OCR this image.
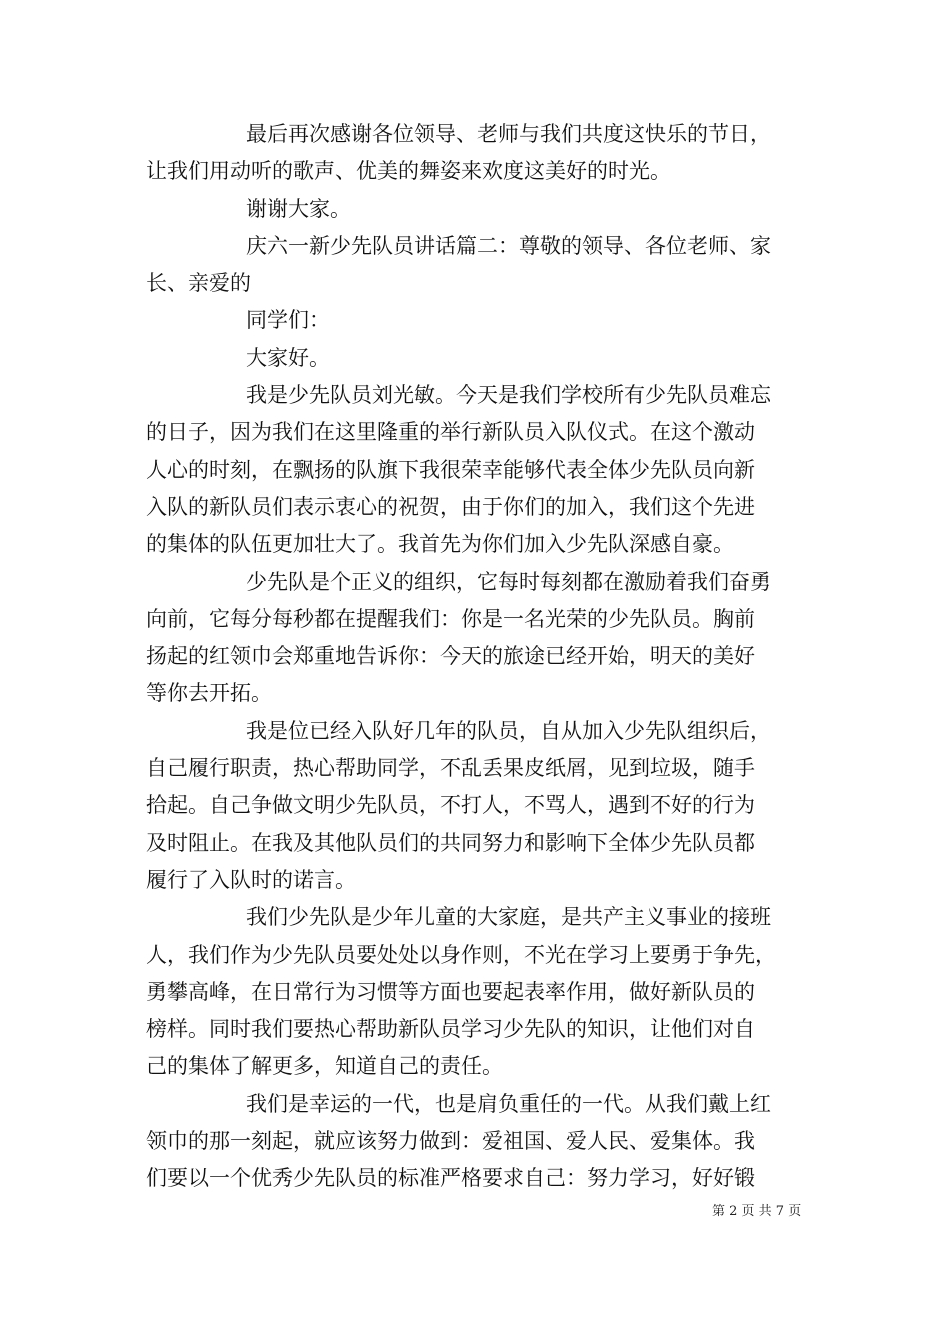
最后再次感谢各位领导、老师与我们共度这快乐的节日，
让我们用动听的歌声、优美的舞姿来欢度这美好的时光。
谢谢大家。
庆六一新少先队员讲话篇二：尊敬的领导、各位老师、家
长、亲爱的
同学们：
大家好。
我是少先队员刘光敏。今天是我们学校所有少先队员难忘
的日子，因为我们在这里隆重的举行新队员入队仪式。在这个激动
人心的时刻，在飘扬的队旗下我很荣幸能够代表全体少先队员向新
入队的新队员们表示衷心的祝贺，由于你们的加入，我们这个先进
的集体的队伍更加壮大了。我首先为你们加入少先队深感自豪。
少先队是个正义的组织，它每时每刻都在激励着我们奋勇
向前，它每分每秒都在提醒我们：你是一名光荣的少先队员。胸前
扬起的红领巾会郑重地告诉你：今天的旅途已经开始，明天的美好
等你去开拓。
我是位已经入队好几年的队员，自从加入少先队组织后，
自己履行职责，热心帮助同学，不乱丢果皮纸屑，见到垃圾，随手
拾起。自己争做文明少先队员，不打人，不骂人，遇到不好的行为
及时阻止。在我及其他队员们的共同努力和影响下全体少先队员都
履行了入队时的诺言。
我们少先队是少年儿童的大家庭，是共产主义事业的接班
人，我们作为少先队员要处处以身作则，不光在学习上要勇于争先，
勇攀高峰，在日常行为习惯等方面也要起表率作用，做好新队员的
榜样。同时我们要热心帮助新队员学习少先队的知识，让他们对自
己的集体了解更多，知道自己的责任。
我们是幸运的一代，也是肩负重任的一代。从我们戴上红
领巾的那一刻起，就应该努力做到：爱祖国、爱人民、爱集体。我
们要以一个优秀少先队员的标准严格要求自己：努力学习，好好锻
第 2 页 共 7 页
